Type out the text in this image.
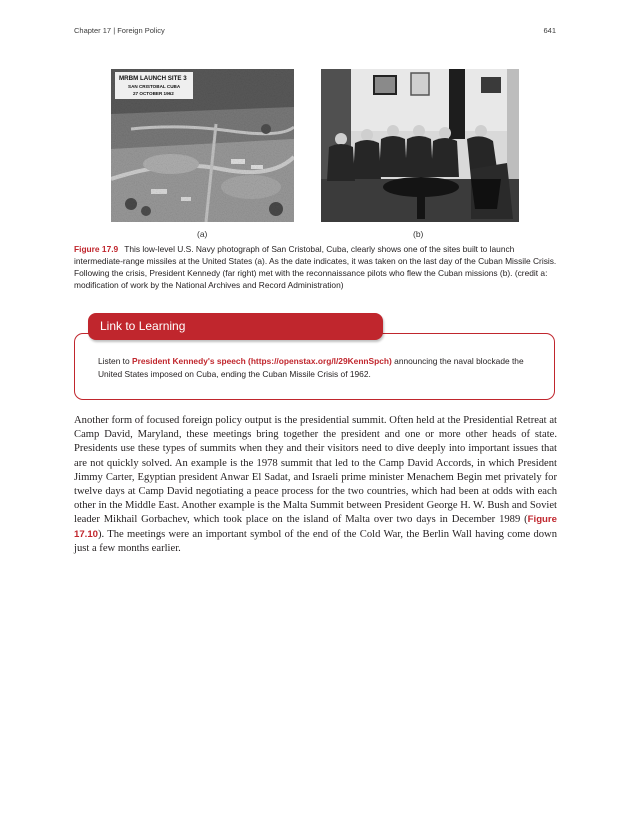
Chapter 17 | Foreign Policy	641
MRBM LAUNCH SITE 3
SAN CRISTOBAL CUBA
27 OCTOBER 1962
(a)	(b)
Figure 17.9 This low-level U.S. Navy photograph of San Cristobal, Cuba, clearly shows one of the sites built to launch intermediate-range missiles at the United States (a). As the date indicates, it was taken on the last day of the Cuban Missile Crisis. Following the crisis, President Kennedy (far right) met with the reconnaissance pilots who flew the Cuban missions (b). (credit a: modification of work by the National Archives and Record Administration)
Link to Learning
Listen to President Kennedy's speech (https://openstax.org/l/29KennSpch) announcing the naval blockade the United States imposed on Cuba, ending the Cuban Missile Crisis of 1962.
Another form of focused foreign policy output is the presidential summit. Often held at the Presidential Retreat at Camp David, Maryland, these meetings bring together the president and one or more other heads of state. Presidents use these types of summits when they and their visitors need to dive deeply into important issues that are not quickly solved. An example is the 1978 summit that led to the Camp David Accords, in which President Jimmy Carter, Egyptian president Anwar El Sadat, and Israeli prime minister Menachem Begin met privately for twelve days at Camp David negotiating a peace process for the two countries, which had been at odds with each other in the Middle East. Another example is the Malta Summit between President George H. W. Bush and Soviet leader Mikhail Gorbachev, which took place on the island of Malta over two days in December 1989 (Figure 17.10). The meetings were an important symbol of the end of the Cold War, the Berlin Wall having come down just a few months earlier.
